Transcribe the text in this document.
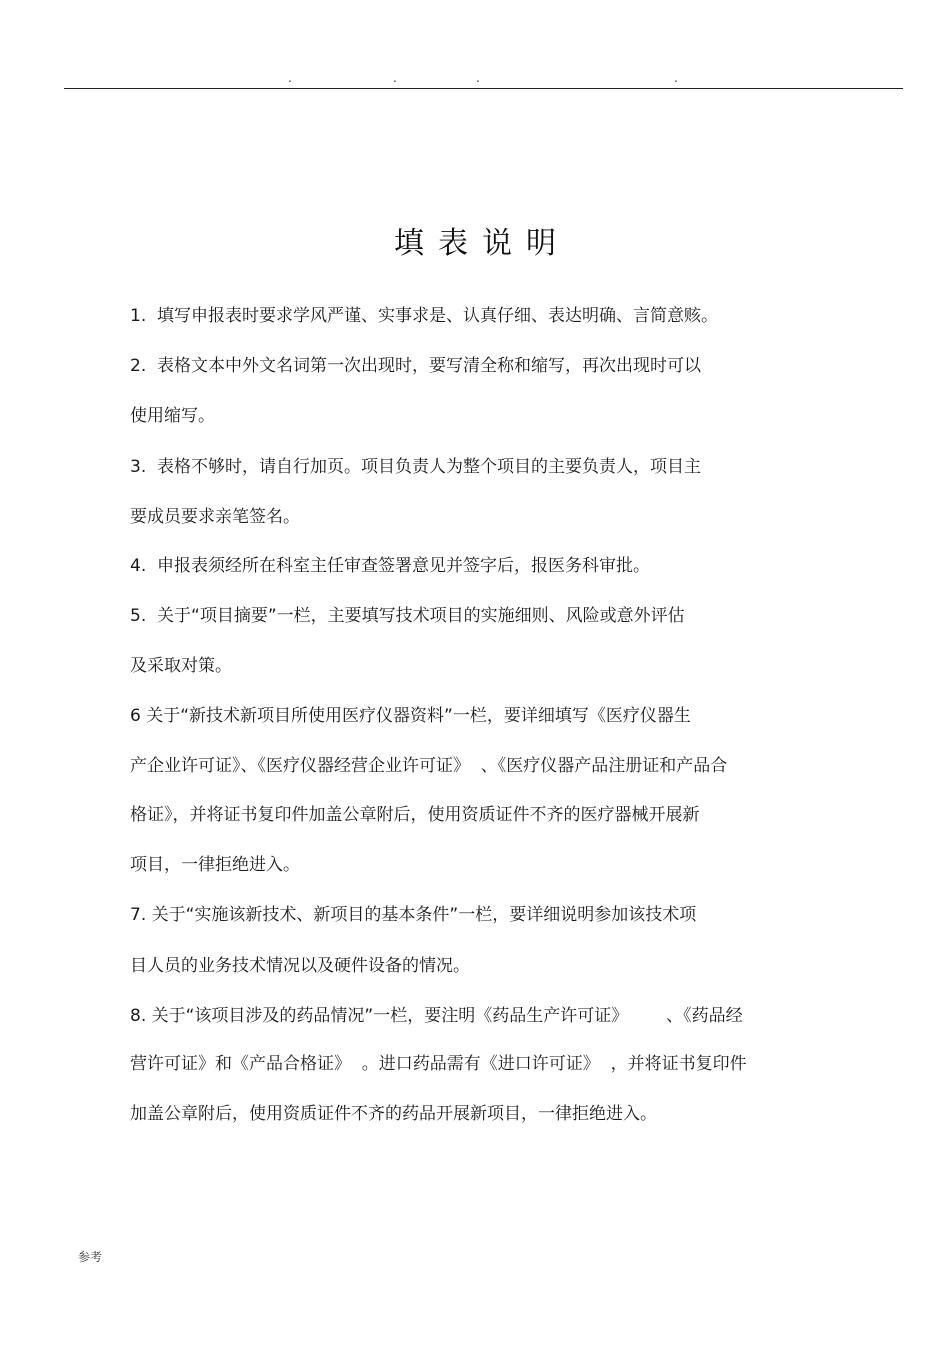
.	.	.	.
填表说明
1.  填写申报表时要求学风严谨、实事求是、认真仔细、表达明确、言简意赅。
2.  表格文本中外文名词第一次出现时，要写清全称和缩写，再次出现时可以
使用缩写。
3.  表格不够时，请自行加页。项目负责人为整个项目的主要负责人，项目主
要成员要求亲笔签名。
4.  申报表须经所在科室主任审查签署意见并签字后，报医务科审批。
5.  关于“项目摘要”一栏，主要填写技术项目的实施细则、风险或意外评估
及采取对策。
6 关于“新技术新项目所使用医疗仪器资料”一栏，要详细填写《医疗仪器生
产企业许可证》、《医疗仪器经营企业许可证》  、《医疗仪器产品注册证和产品合
格证》，并将证书复印件加盖公章附后，使用资质证件不齐的医疗器械开展新
项目，一律拒绝进入。
7. 关于“实施该新技术、新项目的基本条件”一栏，要详细说明参加该技术项
目人员的业务技术情况以及硬件设备的情况。
8. 关于“该项目涉及的药品情况”一栏，要注明《药品生产许可证》       、《药品经
营许可证》和《产品合格证》  。进口药品需有《进口许可证》  ，并将证书复印件
加盖公章附后，使用资质证件不齐的药品开展新项目，一律拒绝进入。
参考
